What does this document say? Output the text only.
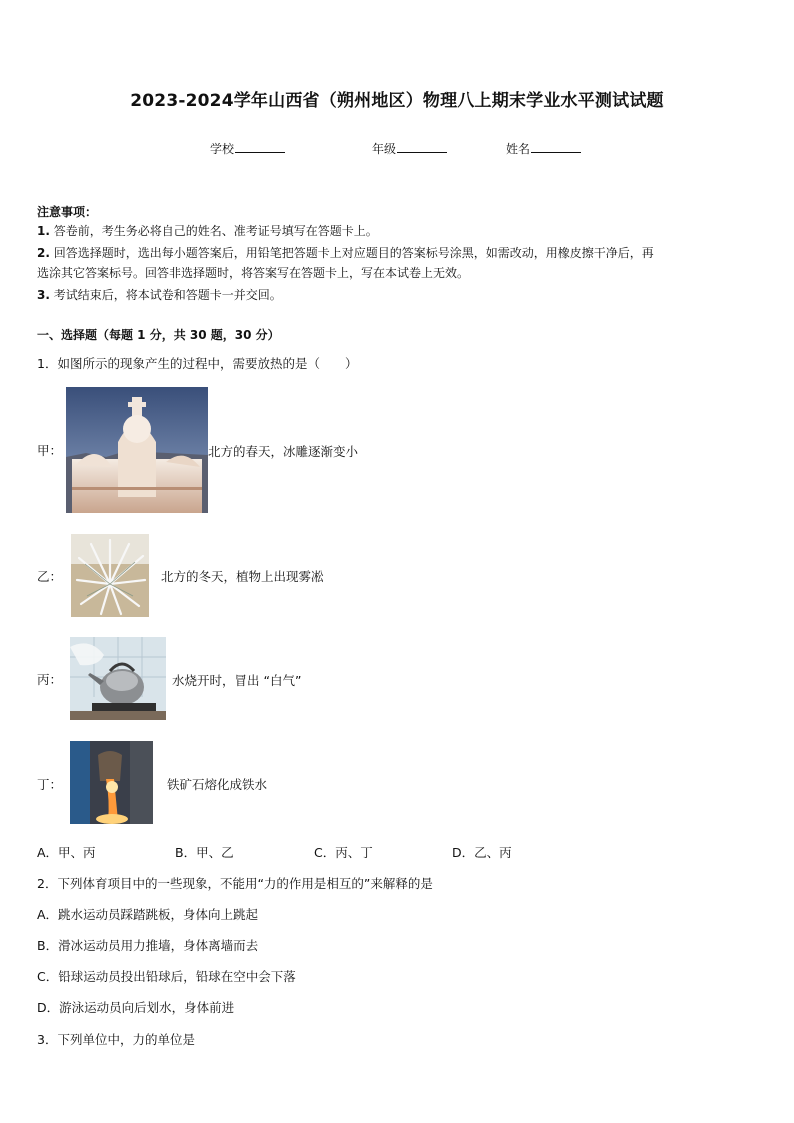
2023-2024学年山西省（朔州地区）物理八上期末学业水平测试试题
学校	年级	姓名
注意事项：
1. 答卷前，考生务必将自己的姓名、准考证号填写在答题卡上。
2. 回答选择题时，选出每小题答案后，用铅笔把答题卡上对应题目的答案标号涂黑，如需改动，用橡皮擦干净后，再
选涂其它答案标号。回答非选择题时，将答案写在答题卡上，写在本试卷上无效。
3. 考试结束后，将本试卷和答题卡一并交回。
一、选择题（每题 1 分，共 30 题，30 分）
1．如图所示的现象产生的过程中，需要放热的是（　　）
甲：	北方的春天，冰雕逐渐变小
乙：	北方的冬天，植物上出现雾凇
丙：	水烧开时，冒出 “白气”
丁：	铁矿石熔化成铁水
A．甲、丙	B．甲、乙	C．丙、丁	D．乙、丙
2．下列体育项目中的一些现象，不能用“力的作用是相互的”来解释的是
A．跳水运动员踩踏跳板，身体向上跳起
B．滑冰运动员用力推墙，身体离墙而去
C．铅球运动员投出铅球后，铅球在空中会下落
D．游泳运动员向后划水，身体前进
3．下列单位中，力的单位是
